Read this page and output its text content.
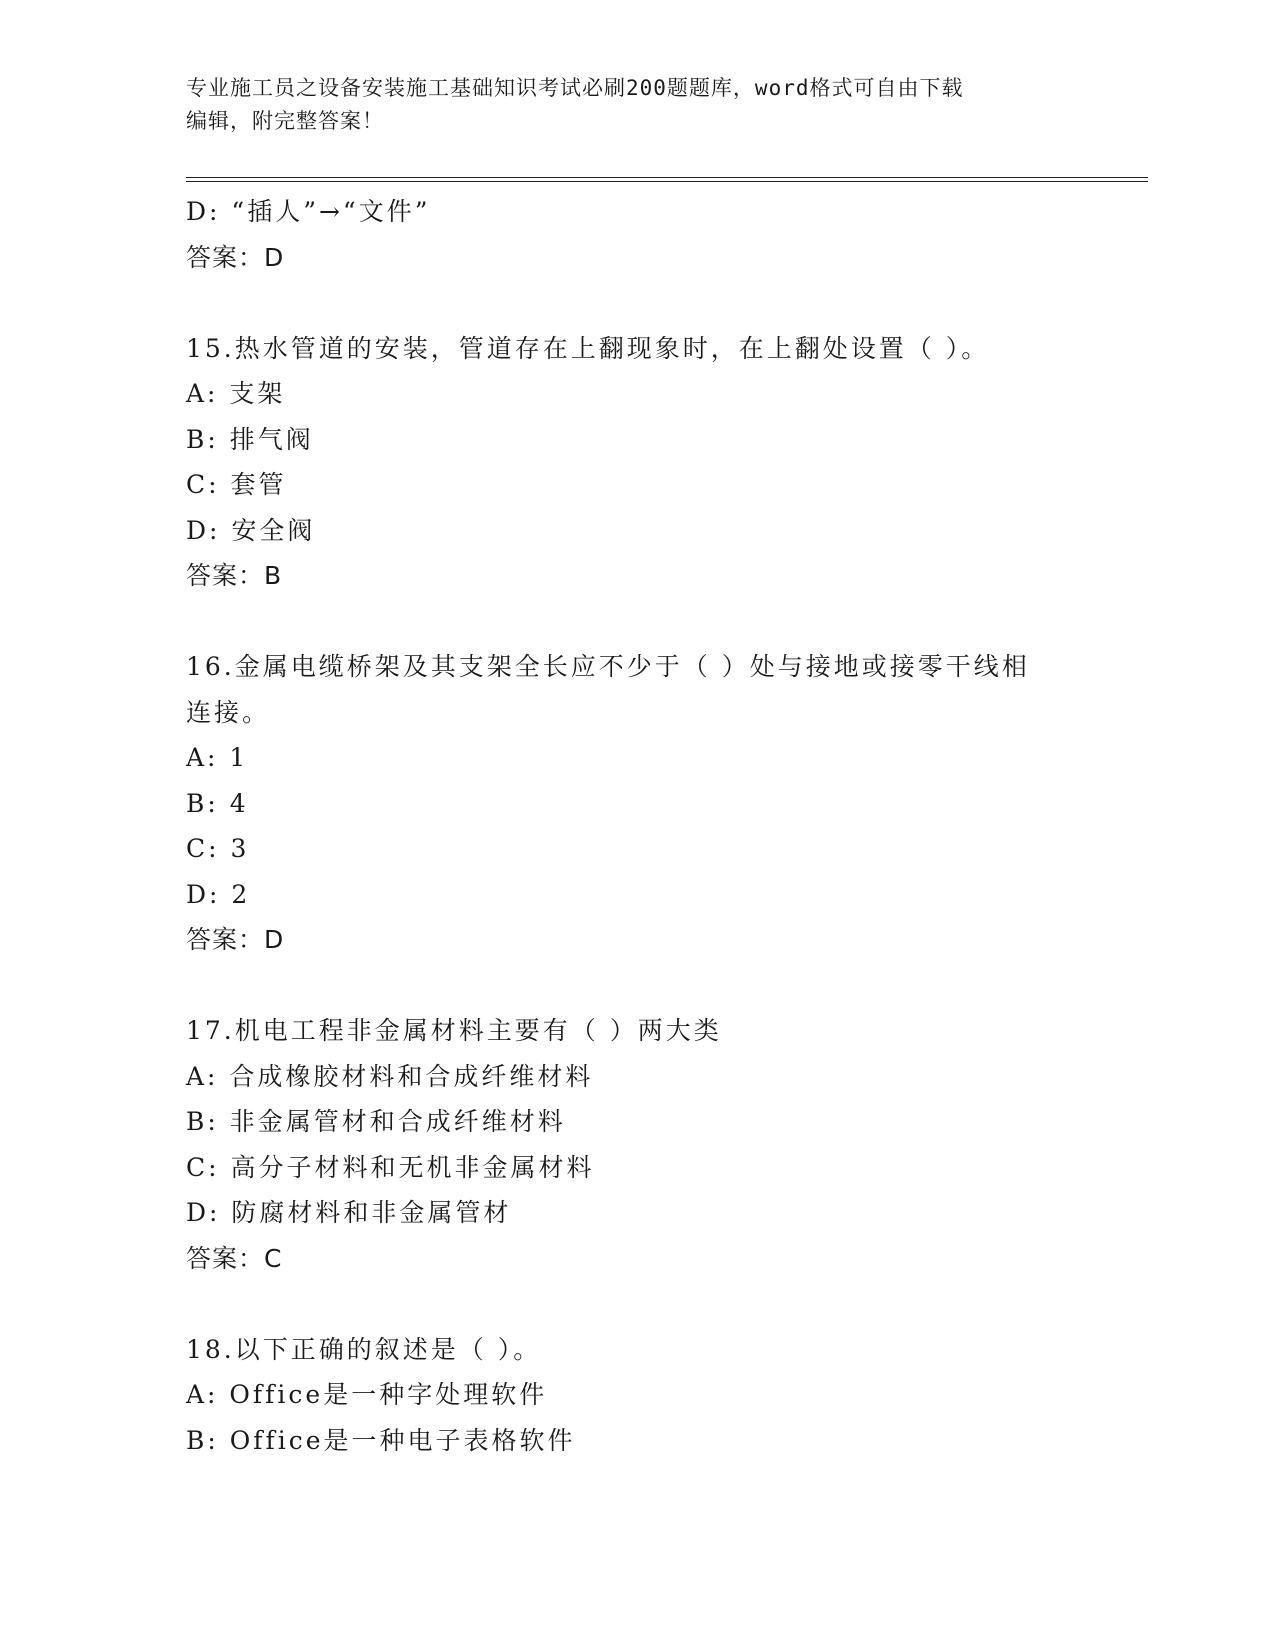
专业施工员之设备安装施工基础知识考试必刷200题题库，word格式可自由下载
编辑，附完整答案！
D: “插人”→“文件”
答案：D
15.热水管道的安装，管道存在上翻现象时，在上翻处设置（ ）。
A: 支架
B: 排气阀
C: 套管
D: 安全阀
答案：B
16.金属电缆桥架及其支架全长应不少于（ ）处与接地或接零干线相
连接。
A: 1
B: 4
C: 3
D: 2
答案：D
17.机电工程非金属材料主要有（ ）两大类
A: 合成橡胶材料和合成纤维材料
B: 非金属管材和合成纤维材料
C: 高分子材料和无机非金属材料
D: 防腐材料和非金属管材
答案：C
18.以下正确的叙述是（ ）。
A: Office是一种字处理软件
B: Office是一种电子表格软件
